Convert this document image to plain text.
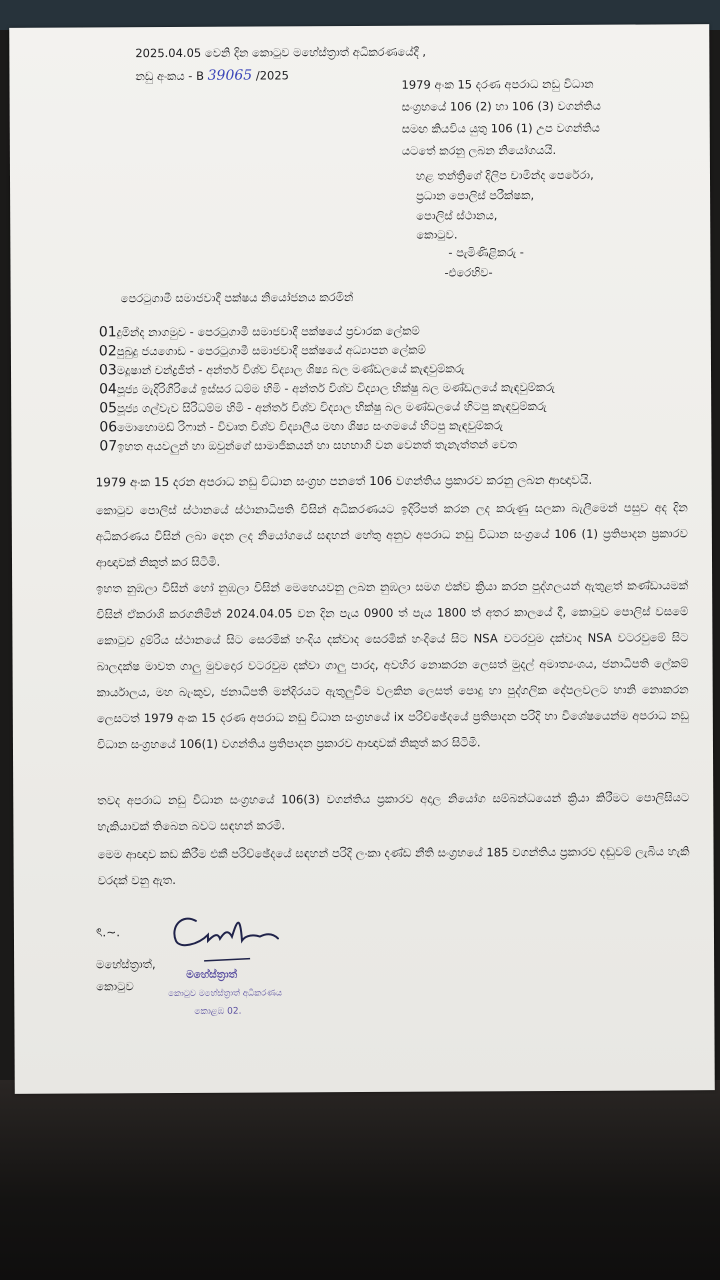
2025.04.05 වෙනි දින කොටුව මහේස්ත්‍රාත් අධිකරණයේදී ,
නඩු අංකය - B 39065 /2025
1979 අංක 15 දරණ අපරාධ නඩු විධාන
සංග්‍රහයේ 106 (2) හා 106 (3) වගන්තිය
සමඟ කියවිය යුතු 106 (1) උප වගන්තිය
යටතේ කරනු ලබන නියෝගයයි.
හළ තන්ත්‍රිගේ දිලිප චාමින්ද පෙරේරා,
ප්‍රධාන පොලිස් පරීක්ෂක,
පොලිස් ස්ථානය,
කොටුව.
- පැමිණිළිකරු -
-එරෙහිව-
පෙරටුගාමී සමාජවාදී පක්ෂය නියෝජනය කරමින්
01දුමින්ද නාගමුව - පෙරටුගාමී සමාජවාදී පක්ෂයේ ප්‍රචාරක ලේකම්
02පුබුදු ජයගොඩ - පෙරටුගාමී සමාජවාදී පක්ෂයේ අධ්‍යාපන ලේකම්
03මදූෂාන් චන්ද්‍රජිත් - අන්තර් විශ්ව විද්‍යාල ශිෂ්‍ය බල මණ්ඩලයේ කැඳවුම්කරු
04පූජ්‍ය මැදිරිගිරියේ ඉස්සර ධම්ම හිමි - අන්තර් විශ්ව විද්‍යාල භික්ෂු බල මණ්ඩලයේ කැඳවුම්කරු
05පූජ්‍ය ගල්වැව සිරිධම්ම හිමි - අන්තර් විශ්ව විද්‍යාල භික්ෂු බල මණ්ඩලයේ හිටපු කැඳවුම්කරු
06මොහොමඩ් රිෆාන් - විවෘත විශ්ව විද්‍යාලීය මහා ශිෂ්‍ය සංගමයේ හිටපු කැඳවුම්කරු
07ඉහත අයවලුන් හා ඔවුන්ගේ සාමාජිකයන් හා සහභාගි වන වෙනත් තැනැත්තන් වෙත
1979 අංක 15 දරන අපරාධ නඩු විධාන සංග්‍රහ පනතේ 106 වගන්තිය ප්‍රකාරව කරනු ලබන ආඥාවයි.
කොටුව පොලිස් ස්ථානයේ ස්ථානාධිපති විසින් අධිකරණයට ඉදිරිපත් කරන ලද කරුණු සලකා බැලීමෙන් පසුව අද දින අධිකරණය විසින් ලබා දෙන ලද නියෝගයේ සඳහන් හේතු අනුව අපරාධ නඩු විධාන සංග්‍රයේ 106 (1) ප්‍රතිපාදන ප්‍රකාරව ආඥාවක් නිකුත් කර සිටිමි.
ඉහත නුඹලා විසින් හෝ නුඹලා විසින් මෙහෙයවනු ලබන නුඹලා සමග එක්ව ක්‍රියා කරන පුද්ගලයන් ඇතුළත් කණ්ඩායමක් විසින් ඒකරාශි කරගනිමින් 2024.04.05 වන දින පැය 0900 ත් පැය 1800 ත් අතර කාලයේ දී, කොටුව පොලිස් වසමේ කොටුව දුම්රිය ස්ථානයේ සිට සෙරමික් හංදිය දක්වාද සෙරමික් හංදියේ සිට NSA වටරවුම දක්වාද NSA වටරවුමේ සිට බාලදක්ෂ මාවත ගාලු මුවදොර වටරවුම දක්වා ගාලු පාරද, අවහිර නොකරන ලෙසත් මුදල් අමාත්‍යංශය, ජනාධිපති ලේකම් කාර්යාලය, මහ බැංකුව, ජනාධිපති මන්දිරයට ඇතුලුවීම වලකින ලෙසත් පොදු හා පුද්ගලික දේපලවලට හානි නොකරන ලෙසටත් 1979 අංක 15 දරණ අපරාධ නඩු විධාන සංග්‍රහයේ ix පරිච්ඡේදයේ ප්‍රතිපාදන පරිදි හා විශේෂයෙන්ම අපරාධ නඩු විධාන සංග්‍රහයේ 106(1) වගන්තිය ප්‍රතිපාදන ප්‍රකාරව ආඥාවක් නිකුත් කර සිටිමි.
තවද අපරාධ නඩු විධාන සංග්‍රහයේ 106(3) වගන්තිය ප්‍රකාරව අදාල නියෝග සම්බන්ධයෙන් ක්‍රියා කිරීමට පොලිසියට හැකියාවක් තිබෙන බවට සඳහන් කරමි.
මෙම ආඥාව කඩ කිරීම එකී පරිච්ඡේදයේ සඳහන් පරිදි ලංකා දණ්ඩ නීති සංග්‍රහයේ 185 වගන්තිය ප්‍රකාරව දඬුවම් ලැබිය හැකි වරදක් වනු ඇත.
ৎ.~.
මහේස්ත්‍රාත්,
කොටුව
මහේස්ත්‍රාත්
කොටුව මහේස්ත්‍රාත් අධිකරණය
කොළඹ 02.
